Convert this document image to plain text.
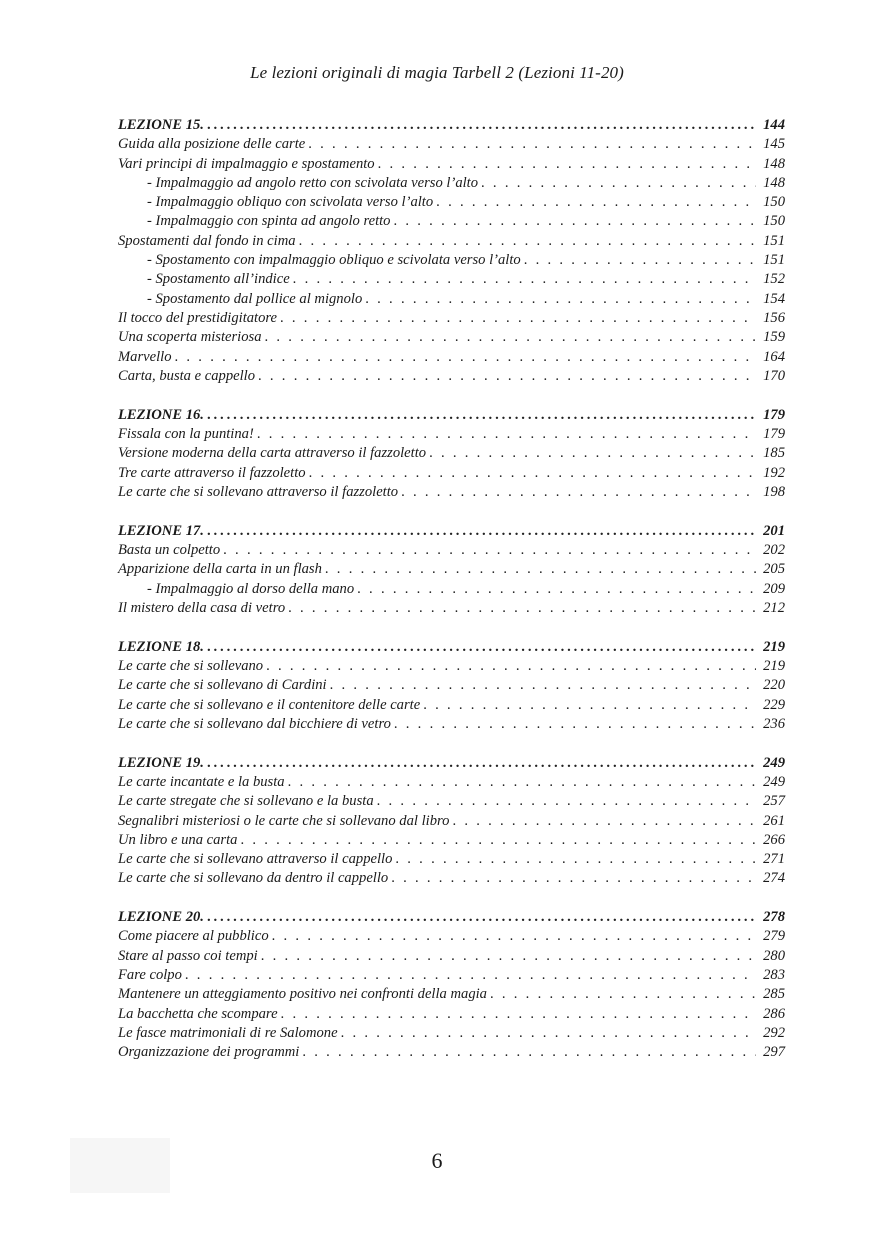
Le lezioni originali di magia Tarbell 2 (Lezioni 11-20)
LEZIONE 15. .....	144
Guida alla posizione delle carte . . .	145
Vari principi di impalmaggio e spostamento . . .	148
- Impalmaggio ad angolo retto con scivolata verso l’alto . . .	148
- Impalmaggio obliquo con scivolata verso l’alto . . .	150
- Impalmaggio con spinta ad angolo retto . . .	150
Spostamenti dal fondo in cima . . .	151
- Spostamento con impalmaggio obliquo e scivolata verso l’alto . . .	151
- Spostamento all’indice . . .	152
- Spostamento dal pollice al mignolo . . .	154
Il tocco del prestidigitatore . . .	156
Una scoperta misteriosa . . .	159
Marvello . . .	164
Carta, busta e cappello . . .	170
LEZIONE 16. .....	179
Fissala con la puntina! . . .	179
Versione moderna della carta attraverso il fazzoletto . . .	185
Tre carte attraverso il fazzoletto . . .	192
Le carte che si sollevano attraverso il fazzoletto . . .	198
LEZIONE 17. .....	201
Basta un colpetto . . .	202
Apparizione della carta in un flash . . .	205
- Impalmaggio al dorso della mano . . .	209
Il mistero della casa di vetro . . .	212
LEZIONE 18. .....	219
Le carte che si sollevano . . .	219
Le carte che si sollevano di Cardini . . .	220
Le carte che si sollevano e il contenitore delle carte . . .	229
Le carte che si sollevano dal bicchiere di vetro . . .	236
LEZIONE 19. .....	249
Le carte incantate e la busta . . .	249
Le carte stregate che si sollevano e la busta . . .	257
Segnalibri misteriosi o le carte che si sollevano dal libro . . .	261
Un libro e una carta . . .	266
Le carte che si sollevano attraverso il cappello . . .	271
Le carte che si sollevano da dentro il cappello . . .	274
LEZIONE 20. .....	278
Come piacere al pubblico . . .	279
Stare al passo coi tempi . . .	280
Fare colpo . . .	283
Mantenere un atteggiamento positivo nei confronti della magia . . .	285
La bacchetta che scompare . . .	286
Le fasce matrimoniali di re Salomone . . .	292
Organizzazione dei programmi . . .	297
6
